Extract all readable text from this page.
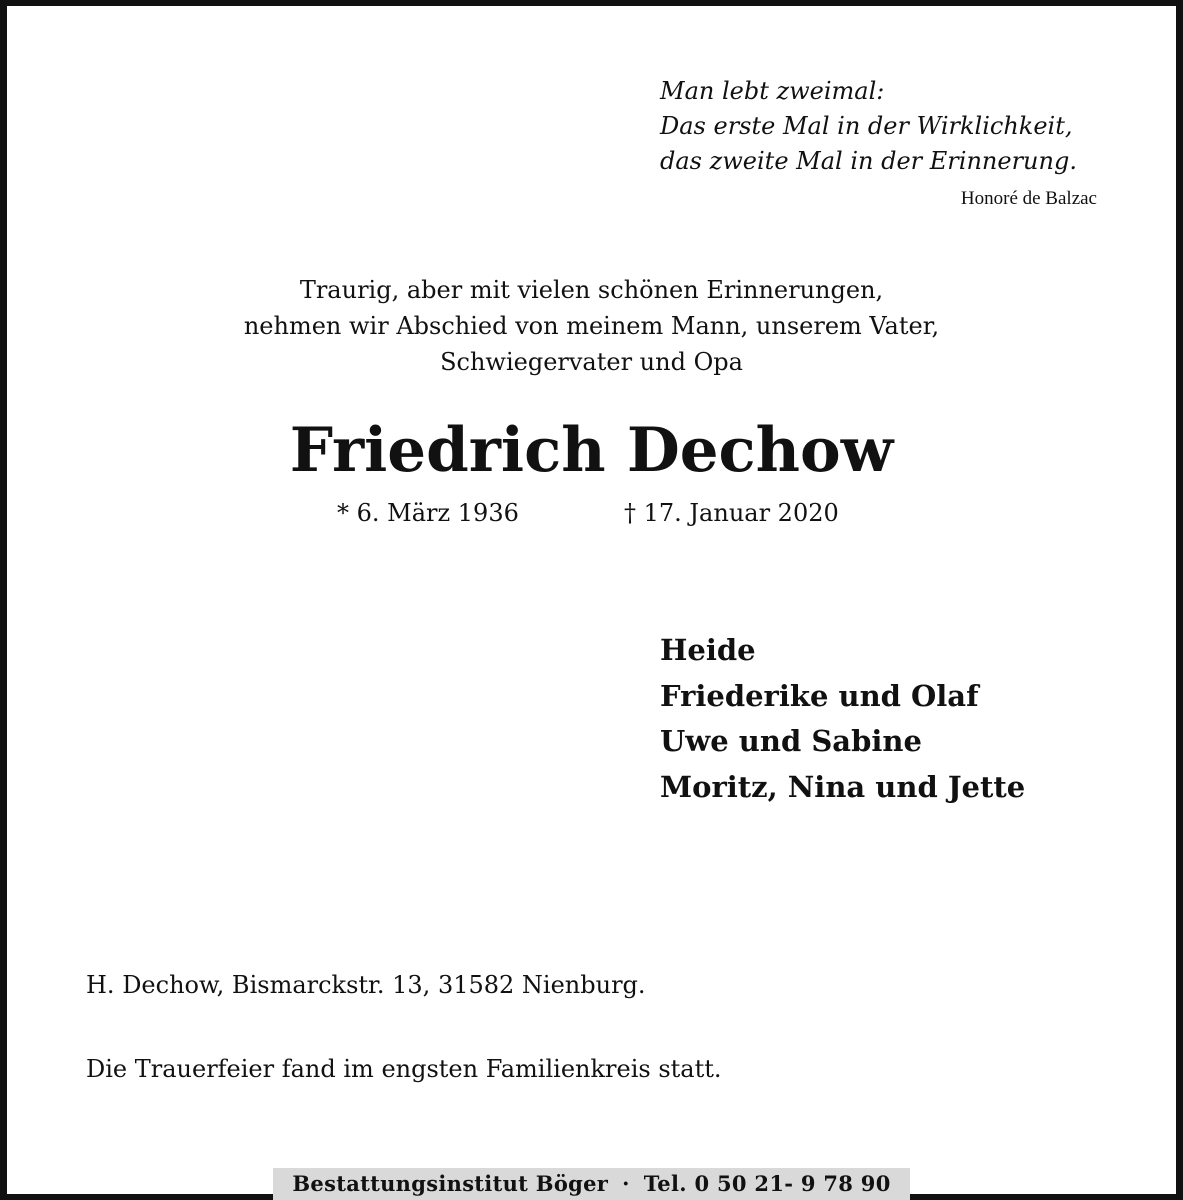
Man lebt zweimal:
Das erste Mal in der Wirklichkeit,
das zweite Mal in der Erinnerung.
Honoré de Balzac
Traurig, aber mit vielen schönen Erinnerungen,
nehmen wir Abschied von meinem Mann, unserem Vater,
Schwiegervater und Opa
Friedrich Dechow
* 6. März 1936	† 17. Januar 2020
Heide
Friederike und Olaf
Uwe und Sabine
Moritz, Nina und Jette
H. Dechow, Bismarckstr. 13, 31582 Nienburg.
Die Trauerfeier fand im engsten Familienkreis statt.
Bestattungsinstitut Böger · Tel. 0 50 21- 9 78 90
